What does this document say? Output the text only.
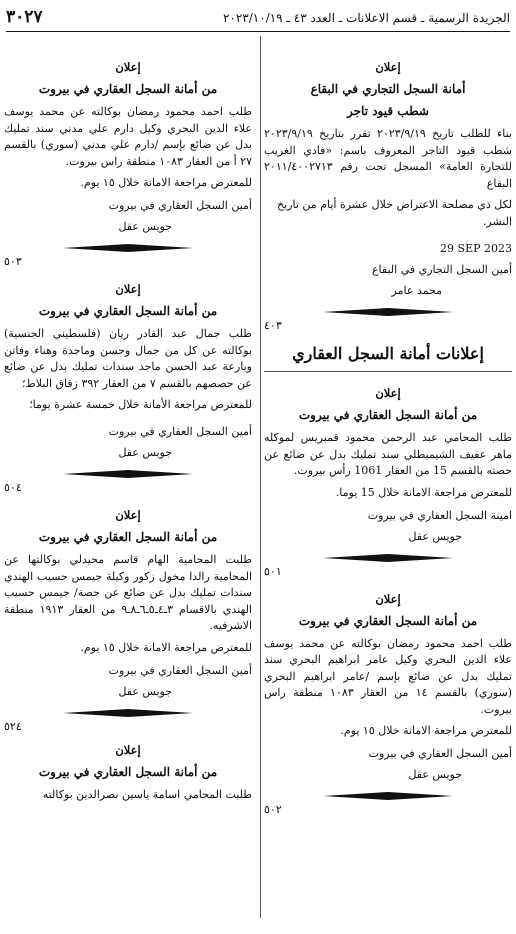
الجريدة الرسمية ـ قسم الاعلانات ـ العدد ٤٣ ـ ٢٠٢٣/١٠/١٩
٣٠٢٧
إعلان
أمانة السجل التجاري في البقاع
شطب قيود تاجر
بناء للطلب تاريخ ٢٠٢٣/٩/١٩ تقرر بتاريخ ٢٠٢٣/٩/١٩ شطب قيود التاجر المعروف باسم: «فادي الغريب للتجارة العامة» المسجل تحت رقم ٢٠١١/٤٠٠٢٧١٣ البقاع
لكل ذي مصلحة الاعتراض خلال عشرة أيام من تاريخ النشر.
29 SEP 2023
أمين السجل التجاري في البقاع
محمد عامر
٤٠٣
إعلانات أمانة السجل العقاري
إعلان
من أمانة السجل العقاري في بيروت
طلب المحامي عبد الرحمن محمود قمبريس لموكله ماهر عفيف الشيميطلي سند تمليك بدل عن ضائع عن حصته بالقسم 15 من العقار 1061 رأس بيروت.
للمعترض مراجعة الامانة خلال 15 يوما.
امينة السجل العقاري في بيروت
جويس عقل
٥٠١
إعلان
من أمانة السجل العقاري في بيروت
طلب احمد محمود رمضان بوكالته عن محمد يوسف علاء الدين البحري وكيل عامر ابراهيم البحري سند تمليك بدل عن ضائع بإسم /عامر ابراهيم البحري (سوري) بالقسم ١٤ من العقار ١٠٨٣ منطقة راس بيروت.
للمعترض مراجعة الامانة خلال ١٥ يوم.
أمين السجل العقاري في بيروت
جويس عقل
٥٠٢
إعلان
من أمانة السجل العقاري في بيروت
طلب احمد محمود رمضان بوكالته عن محمد يوسف علاء الدين البحري وكيل دارم علي مدني سند تمليك بدل عن ضائع بإسم /دارم علي مدني (سوري) بالقسم ٢٧ أ من العقار ١٠٨٣ منطقة راس بيروت.
للمعترض مراجعة الامانة خلال ١٥ يوم.
أمين السجل العقاري في بيروت
جويس عقل
٥٠٣
إعلان
من أمانة السجل العقاري في بيروت
طلب جمال عبد القادر ريان (فلسطيني الجنسية) بوكالته عن كل من جمال وحسن وماجدة وهناء وفاتن وبارعة عبد الحسن ماجد سندات تمليك بدل عن ضائع عن حصصهم بالقسم ٧ من العقار ٣٩٢ زقاق البلاط؛
للمعترض مراجعة الأمانة خلال خمسة عشرة يوما؛
أمين السجل العقاري في بيروت
جويس عقل
٥٠٤
إعلان
من أمانة السجل العقاري في بيروت
طلبت المحامية الهام قاسم محيدلي بوكالتها عن المحامية رالدا مخول زكور وكيلة جيمس حسيب الهندي سندات تمليك بدل عن ضائع عن حصة/ جيمس حسيب الهندي بالاقسام ٣ـ٤ـ٥ـ٦ـ٨ـ٩ من العقار ١٩١٣ منطقة الاشرفيه.
للمعترض مراجعة الامانة خلال ١٥ يوم.
أمين السجل العقاري في بيروت
جويس عقل
٥٢٤
إعلان
من أمانة السجل العقاري في بيروت
طلبت المحامي اسامة ياسين نصرالدين بوكالته
